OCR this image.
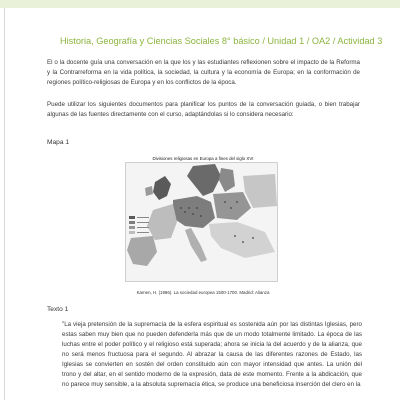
Historia, Geografía y Ciencias Sociales 8° básico / Unidad 1 / OA2 / Actividad 3

El o la docente guía una conversación en la que los y las estudiantes reflexionen sobre el impacto de la Reforma y la Contrarreforma en la vida política, la sociedad, la cultura y la economía de Europa; en la conformación de regiones político-religiosas de Europa y en los conflictos de la época.

Puede utilizar los siguientes documentos para planificar los puntos de la conversación guiada, o bien trabajar algunas de las fuentes directamente con el curso, adaptándolas si lo considera necesario:

Mapa 1
Divisiones religiosas en Europa a fines del siglo XVI
Kamen, H. (1986). La sociedad europea 1500-1700. Madrid: Alianza
Texto 1

"La vieja pretensión de la supremacía de la esfera espiritual es sostenida aún por las distintas Iglesias, pero estas saben muy bien que no pueden defenderla más que de un modo totalmente limitado. La época de las luchas entre el poder político y el religioso está superada; ahora se inicia la del acuerdo y de la alianza, que no será menos fructuosa para el segundo. Al abrazar la causa de las diferentes razones de Estado, las Iglesias se convierten en sostén del orden constituido aún con mayor intensidad que antes. La unión del trono y del altar, en el sentido moderno de la expresión, data de este momento. Frente a la abdicación, que no parece muy sensible, a la absoluta supremacía ética, se produce una beneficiosa inserción del clero en la
